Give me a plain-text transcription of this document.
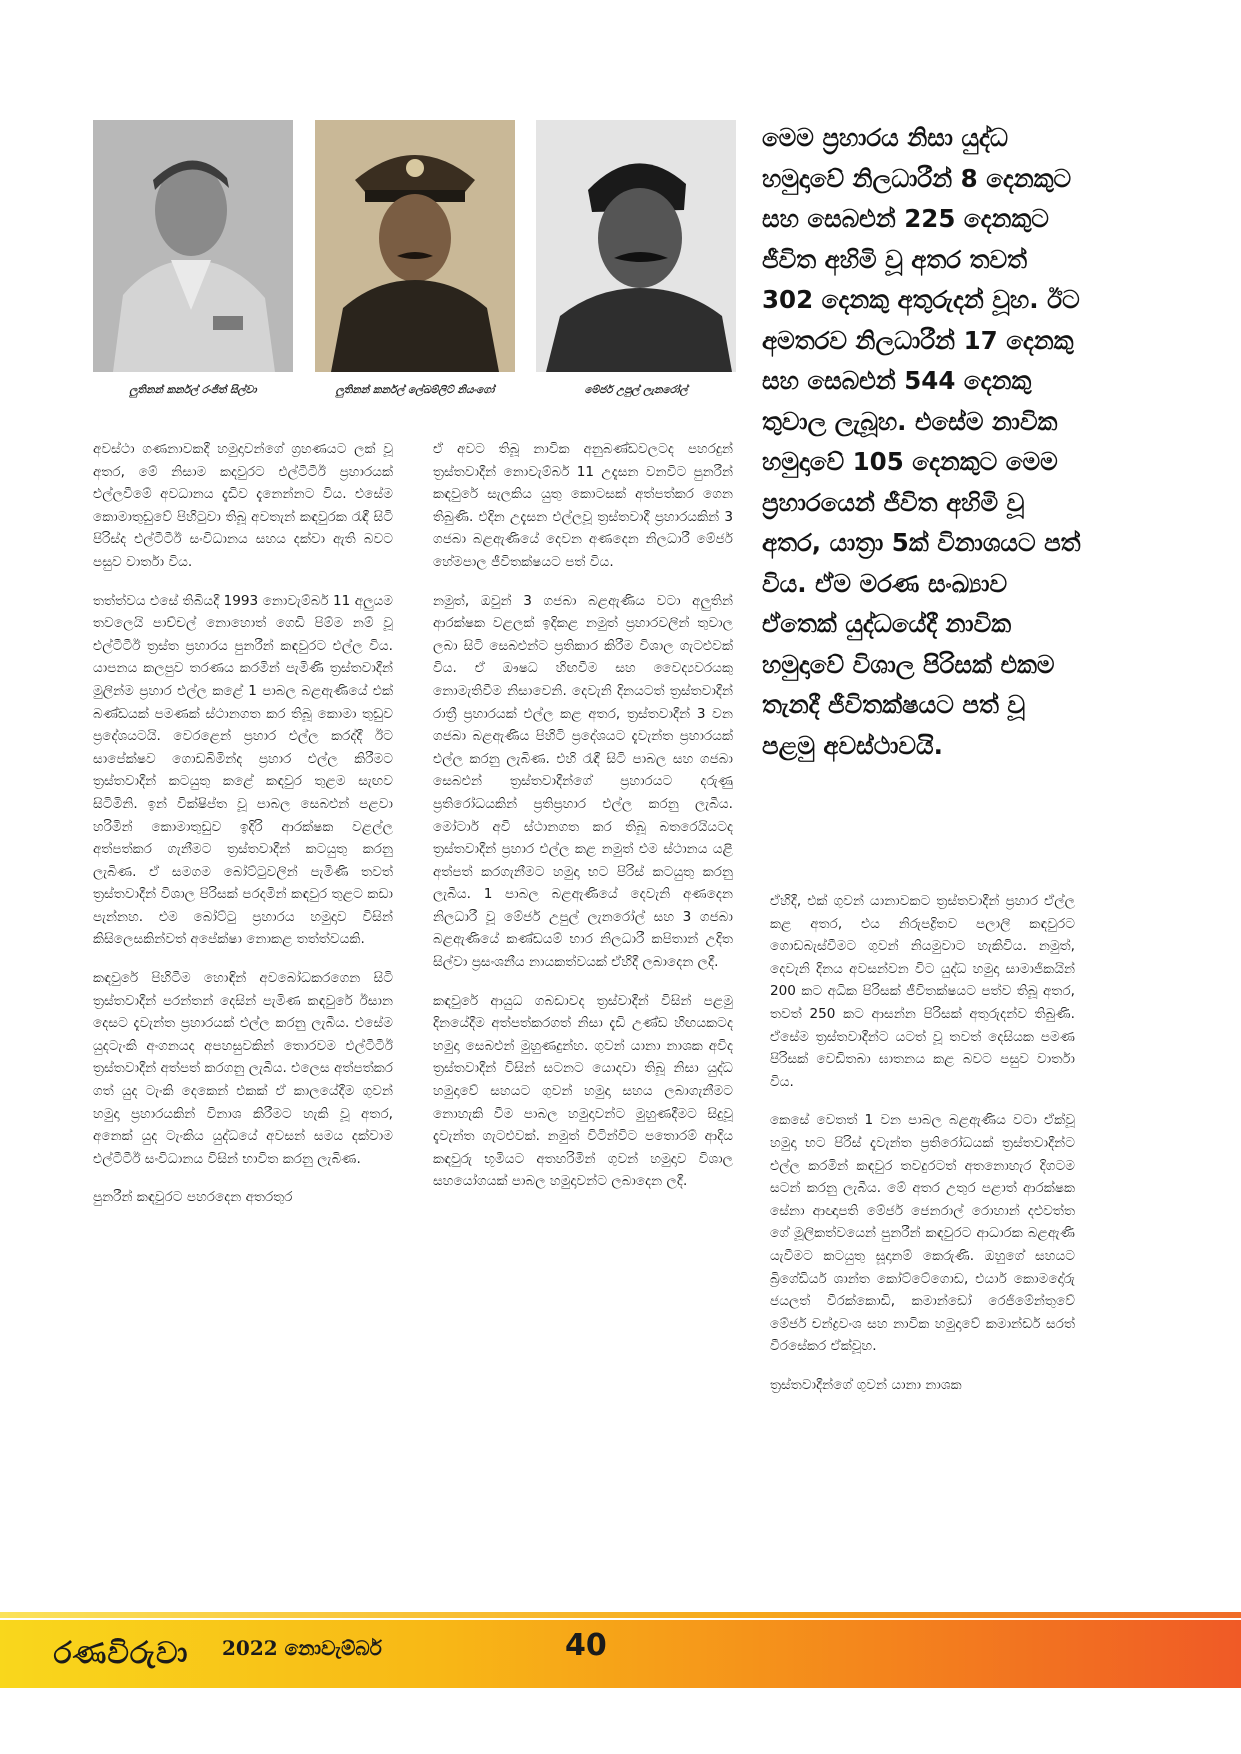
ලුතිනන් කර්නල් රංජිත් සිල්වා	ලුතිනන් කර්නල් ලේඛම්ලිට් නියංගෝ	මේජර් උපුල් ලැනරෝල්

මෙම ප්‍රහාරය නිසා යුද්ධ හමුදාවේ නිලධාරීන් 8 දෙනකුට සහ සෙබළුන් 225 දෙනකුට ජීවිත අහිමි වූ අතර තවත් 302 දෙනකු අතුරුදන් වූහ. ඊට අමතරව නිලධාරීන් 17 දෙනකු සහ සෙබළුන් 544 දෙනකු තුවාල ලැබූහ. එසේම නාවික හමුදාවේ 105 දෙනකුට මෙම ප්‍රහාරයෙන් ජීවිත අහිමි වූ අතර, යාත්‍රා 5ක් විනාශයට පත් විය. ඒම මරණ සංඛ්‍යාව ඒතෙක් යුද්ධයේදී නාවික හමුදාවේ විශාල පිරිසක් එකම තැනදී ජීවිතක්ෂයට පත් වූ පළමු අවස්ථාවයි.

අවස්ථා ගණනාවකදී හමුදාවන්ගේ ග්‍රහණයට ලක් වූ අතර, මේ නිසාම කදවුරට එල්ටීටීඊ ප්‍රහාරයක් එල්ලවීමේ අවධානය දැඩිව දැනෙන්නට විය. එසේම කොමාතුඩුවේ පිහිටුවා තිබූ අවතැන් කඳවුරක රැඳී සිටි පිරිස්ද එල්ටීටීඊ සංවිධානය සහය දක්වා ඇති බවට පසුව වාර්තා විය.

තත්ත්වය එසේ තිබියදී 1993 නොවැම්බර් 11 අලුයම තවලෙයි පාච්චල් නොහොත් ගෙඩි පිම්ම නම් වූ එල්ටීටීඊ ත්‍රස්ත ප්‍රහාරය පුනරීන් කඳවුරට එල්ල විය. යාපනය කලපුව තරණය කරමින් පැමිණි ත්‍රස්තවාදීන් මුලින්ම ප්‍රහාර එල්ල කළේ 1 පාබල බළඇණියේ එක් බණ්ඩයක් පමණක් ස්ථානගත කර තිබූ කොමා තුඩුව ප්‍රදේශයටයි. වෙරළෙන් ප්‍රහාර එල්ල කරද්දී ඊට සාපේක්ෂව ගොඩබිමින්ද ප්‍රහාර එල්ල කිරීමට ත්‍රස්තවාදීන් කටයුතු කළේ කඳවුර තුළම සැඟව සිටිමිනි. ඉන් වික්ෂිප්ත වූ පාබල සෙබළුන් පළවා හරිමින් කොමාතුඩුව ඉදිරි ආරක්ෂක වළල්ල අත්පත්කර ගැනීමට ත්‍රස්තවාදීන් කටයුතු කරනු ලැබිණ. ඒ සමගම බෝට්ටුවලින් පැමිණි තවත් ත්‍රස්තවාදීන් විශාල පිරිසක් පරදමින් කඳවුර තුළට කඩා පැන්නහ. එම බෝට්ටු ප්‍රහාරය හමුදාව විසින් කිසිලෙසකින්වත් අපේක්ෂා නොකළ තත්ත්වයකි.

කඳවුරේ පිහිටීම හොඳින් අවබෝධකරගෙන සිටි ත්‍රස්තවාදීන් පරන්තන් දෙසින් පැමිණ කඳවුරේ ඊසාන දෙසට දැවැන්ත ප්‍රහාරයක් එල්ල කරනු ලැබීය. එසේම යුදටැංකි අංගනයද අපහසුවකින් තොරවම එල්ටීටීඊ ත්‍රස්තවාදීන් අත්පත් කරගනු ලැබීය. එලෙස අත්පත්කර ගත් යුද ටැංකි දෙකෙන් එකක් ඒ කාලයේදීම ගුවන් හමුදා ප්‍රහාරයකින් විනාශ කිරීමට හැකි වූ අතර, අනෙක් යුද ටැංකිය යුද්ධයේ අවසන් සමය දක්වාම එල්ටීටීඊ සංවිධානය විසින් භාවිත කරනු ලැබිණ.

පුනරීන් කඳවුරට පහරදෙන අතරතුර

ඒ අවට තිබූ නාවික අනුබණ්ඩවලටද පහරදුන් ත්‍රස්තවාදීන් නොවැම්බර් 11 උදැසන වනවිට පුනරීන් කඳවුරේ සැලකිය යුතු කොටසක් අත්පත්කර ගෙන තිබුණි. එදින උදැසන එල්ලවූ ත්‍රස්තවාදී ප්‍රහාරයකින් 3 ගජබා බළඇණියේ දෙවන අණදෙන නිලධාරී මේජර් හේමපාල ජීවිතක්ෂයට පත් විය.

නමුත්, ඔවුන් 3 ගජබා බළඇණිය වටා අලුතින් ආරක්ෂක වළලක් ඉදිකළ නමුත් ප්‍රහාරවලින් තුවාල ලබා සිටි සෙබළුන්ට ප්‍රතිකාර කිරීම විශාල ගැටළුවක් විය. ඒ ඖෂධ හිඟවීම සහ වෛද්‍යවරයකු නොමැතිවීම නිසාවෙනි. දෙවැනි දිනයටත් ත්‍රස්තවාදීන් රාත්‍රී ප්‍රහාරයක් එල්ල කළ අතර, ත්‍රස්තවාදීන් 3 වන ගජබා බළඇණිය පිහිටි ප්‍රදේශයට දැවැන්ත ප්‍රහාරයක් එල්ල කරනු ලැබිණ. එහි රැඳී සිටි පාබල සහ ගජබා සෙබළුන් ත්‍රස්තවාදීන්ගේ ප්‍රහාරයට දරුණු ප්‍රතිරෝධයකින් ප්‍රතිප්‍රහාර එල්ල කරනු ලැබීය. මෝටාර් අවි ස්ථානගත කර තිබූ බතරෙයියටද ත්‍රස්තවාදීන් ප්‍රහාර එල්ල කළ නමුත් එම ස්ථානය යළි අත්පත් කරගැනීමට හමුදා භට පිරිස් කටයුතු කරනු ලැබීය. 1 පාබල බළඇණියේ දෙවැනි අණදෙන නිලධාරී වූ මේජර් උපුල් ලැනරෝල් සහ 3 ගජබා බළඇණියේ කණ්ඩයම් භාර නිලධාරී කපිතාන් උදිත සිල්වා ප්‍රසංශනීය නායකත්වයක් ඒහිදී ලබාදෙන ලදී.

කඳවුරේ ආයුධ ගබඩාවද ත්‍රස්වාදීන් විසින් පළමු දිනයේදීම අත්පත්කරගත් නිසා දැඩි උණ්ඩ හිඟයකටද හමුදා සෙබළුන් මුහුණදුන්හ. ගුවන් යානා නාශක අවිද ත්‍රස්තවාදීන් විසින් සටනට යොදවා තිබූ නිසා යුද්ධ හමුදාවේ සහයට ගුවන් හමුදා සහය ලබාගැනීමට නොහැකි වීම පාබල හමුදාවන්ට මුහුණදීමට සිදුවූ දැවැන්ත ගැටළුවක්. නමුත් විටින්විට පතොරම් ආදිය කඳවුරු භූමියට අතහරිමින් ගුවන් හමුදාව විශාල සහයෝගයක් පාබල හමුදාවන්ට ලබාදෙන ලදී.

ඒහිදී, එක් ගුවන් යානාවකට ත්‍රස්තවාදීන් ප්‍රහාර ඒල්ල කළ අතර, එය නිරුපද්‍රිතව පලාලි කඳවුරට ගොඩබැස්වීමට ගුවන් නියමුවාට හැකිවිය. නමුත්, දෙවැනි දිනය අවසන්වන විට යුද්ධ හමුදා සාමාජිකයින් 200 කට අධික පිරිසක් ජීවිතක්ෂයට පත්ව තිබූ අතර, තවත් 250 කට ආසන්න පිරිසක් අතුරුදන්ව තිබුණි. ඒසේම ත්‍රස්තවාදීන්ට යටත් වූ තවත් දෙසියක පමණ පිරිසක් වෙඩිතබා ඝාතනය කළ බවට පසුව වාර්තා විය.

කෙසේ වෙතත් 1 වන පාබල බළඇණිය වටා ඒක්වූ හමුදා භට පිරිස් දැවැන්ත ප්‍රතිරෝධයක් ත්‍රස්තවාදීන්ට එල්ල කරමින් කඳවුර තවදුරටත් අතනොහැර දිගටම සටන් කරනු ලැබීය. මේ අතර උතුර පළාත් ආරක්ෂක සේනා ආඥාපති මේජර් ජෙනරාල් රොහාන් දළුවත්ත ගේ මූලිකත්වයෙන් පුනරීන් කඳවුරට ආධාරක බළඇණි යැවීමට කටයුතු සූදානම් කෙරුණි. ඔහුගේ සහයට බ්‍රිගේඩියර් ශාන්ත කෝට්ටේගොඩ, එයාර් කොමදෝරු ජයලත් වීරක්කොඩි, කමාන්ඩෝ රෙජිමේන්තුවේ මේජර් චන්ද්‍රවංශ සහ නාවික හමුදාවේ කමාන්ඩර් සරත් වීරසේකර ඒක්වූහ.

ත්‍රස්තවාදීන්ගේ ගුවන් යානා නාශක

රණවිරුවා	2022 නොවැම්බර්	40
